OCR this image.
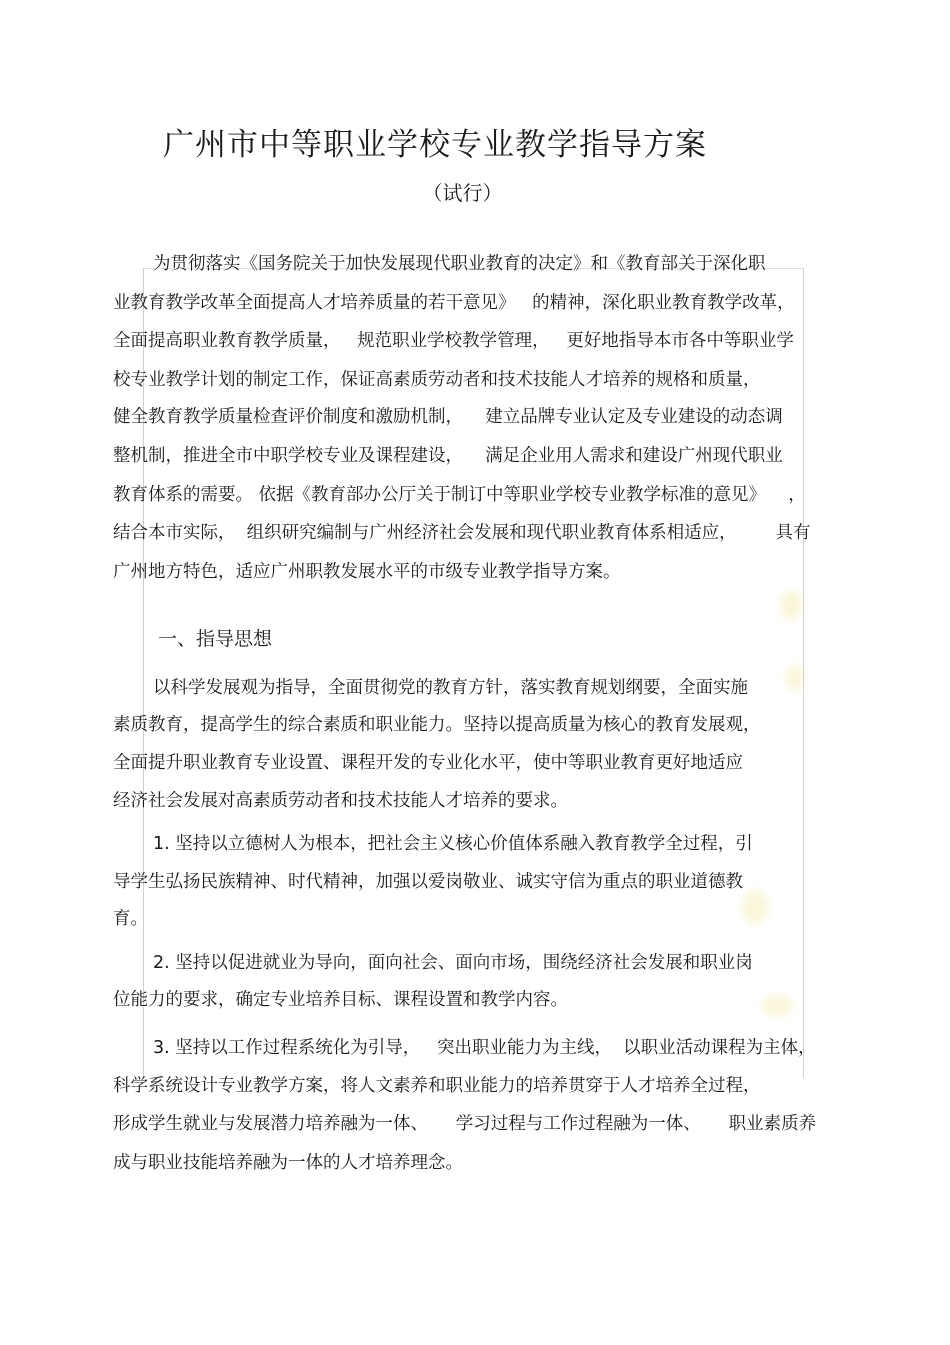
广州市中等职业学校专业教学指导方案
（试行）
为贯彻落实《国务院关于加快发展现代职业教育的决定》和《教育部关于深化职
业教育教学改革全面提高人才培养质量的若干意见》   的精神，深化职业教育教学改革，
全面提高职业教育教学质量，   规范职业学校教学管理，   更好地指导本市各中等职业学
校专业教学计划的制定工作，保证高素质劳动者和技术技能人才培养的规格和质量，
健全教育教学质量检查评价制度和激励机制，    建立品牌专业认定及专业建设的动态调
整机制，推进全市中职学校专业及课程建设，    满足企业用人需求和建设广州现代职业
教育体系的需要。 依据《教育部办公厅关于制订中等职业学校专业教学标准的意见》    ，
结合本市实际，  组织研究编制与广州经济社会发展和现代职业教育体系相适应，       具有
广州地方特色，适应广州职教发展水平的市级专业教学指导方案。
一、指导思想
以科学发展观为指导，全面贯彻党的教育方针，落实教育规划纲要，全面实施
素质教育，提高学生的综合素质和职业能力。坚持以提高质量为核心的教育发展观，
全面提升职业教育专业设置、课程开发的专业化水平，使中等职业教育更好地适应
经济社会发展对高素质劳动者和技术技能人才培养的要求。
1. 坚持以立德树人为根本，把社会主义核心价值体系融入教育教学全过程，引
导学生弘扬民族精神、时代精神，加强以爱岗敬业、诚实守信为重点的职业道德教
育。
2. 坚持以促进就业为导向，面向社会、面向市场，围绕经济社会发展和职业岗
位能力的要求，确定专业培养目标、课程设置和教学内容。
3. 坚持以工作过程系统化为引导，   突出职业能力为主线，  以职业活动课程为主体，
科学系统设计专业教学方案，将人文素养和职业能力的培养贯穿于人才培养全过程，
形成学生就业与发展潜力培养融为一体、     学习过程与工作过程融为一体、     职业素质养
成与职业技能培养融为一体的人才培养理念。
